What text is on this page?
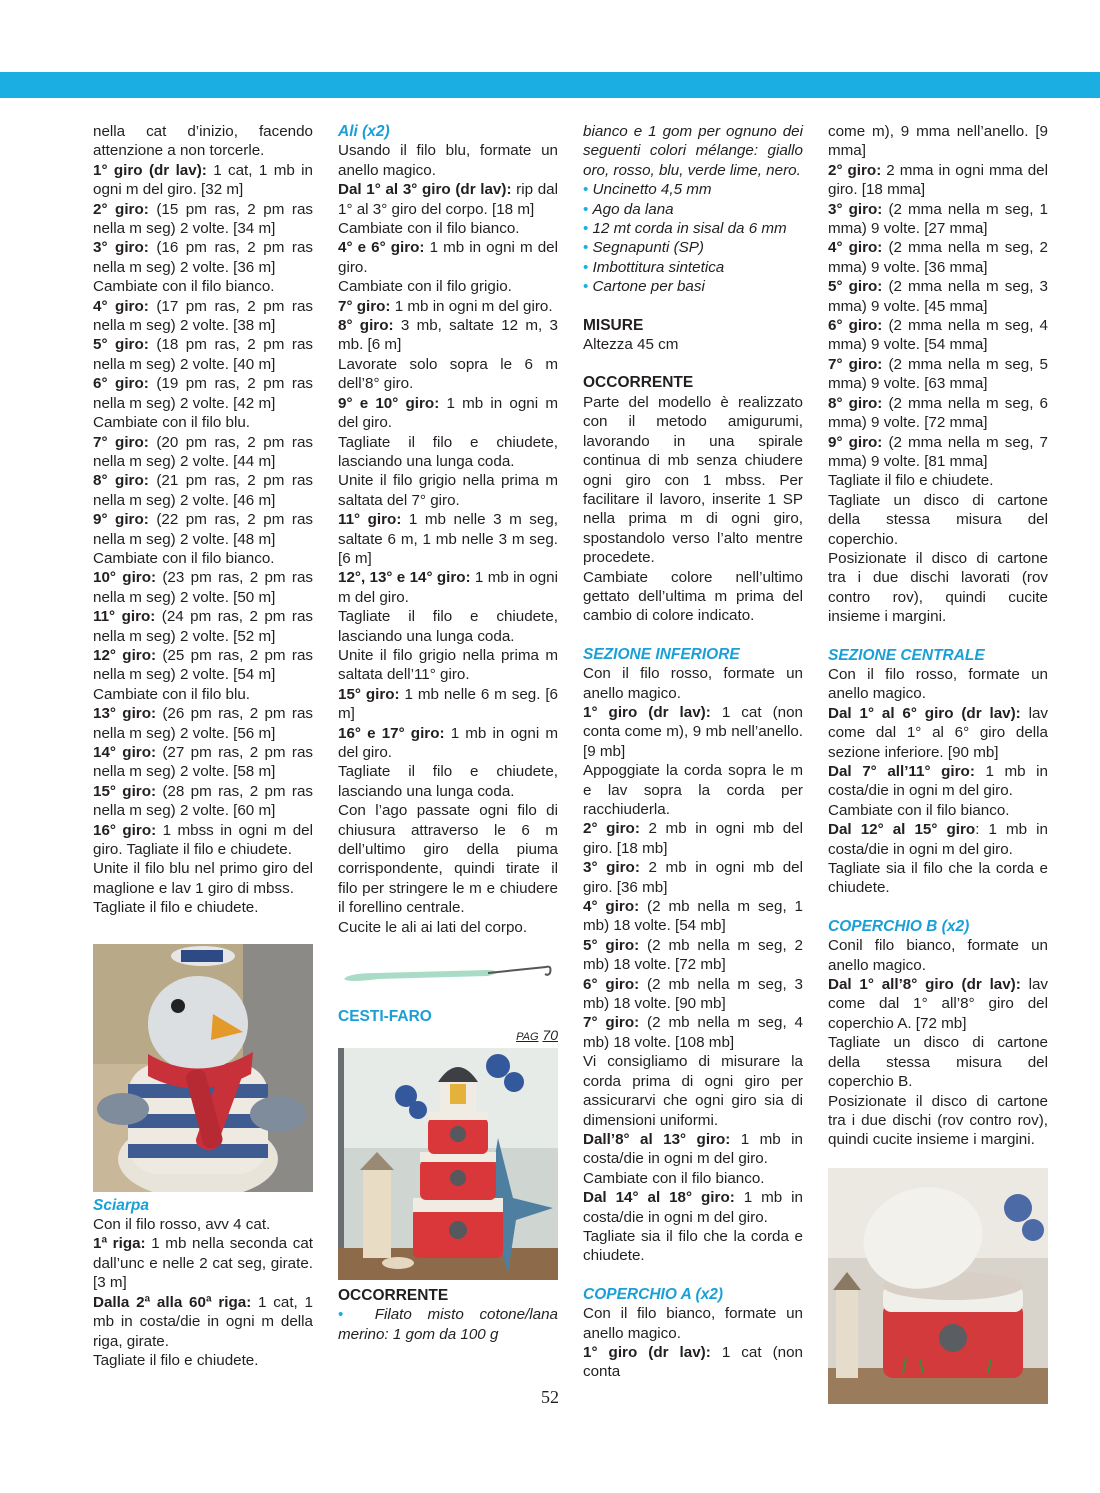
nella cat d’inizio, facendo attenzione a non torcerle.

1° giro (dr lav): 1 cat, 1 mb in ogni m del giro. [32 m]

2° giro: (15 pm ras, 2 pm ras nella m seg) 2 volte. [34 m]

3° giro: (16 pm ras, 2 pm ras nella m seg) 2 volte. [36 m]

Cambiate con il filo bianco.

4° giro: (17 pm ras, 2 pm ras nella m seg) 2 volte. [38 m]

5° giro: (18 pm ras, 2 pm ras nella m seg) 2 volte. [40 m]

6° giro: (19 pm ras, 2 pm ras nella m seg) 2 volte. [42 m]

Cambiate con il filo blu.

7° giro: (20 pm ras, 2 pm ras nella m seg) 2 volte. [44 m]

8° giro: (21 pm ras, 2 pm ras nella m seg) 2 volte. [46 m]

9° giro: (22 pm ras, 2 pm ras nella m seg) 2 volte. [48 m]

Cambiate con il filo bianco.

10° giro: (23 pm ras, 2 pm ras nella m seg) 2 volte. [50 m]

11° giro: (24 pm ras, 2 pm ras nella m seg) 2 volte. [52 m]

12° giro: (25 pm ras, 2 pm ras nella m seg) 2 volte. [54 m]

Cambiate con il filo blu.

13° giro: (26 pm ras, 2 pm ras nella m seg) 2 volte. [56 m]

14° giro: (27 pm ras, 2 pm ras nella m seg) 2 volte. [58 m]

15° giro: (28 pm ras, 2 pm ras nella m seg) 2 volte. [60 m]

16° giro: 1 mbss in ogni m del giro. Tagliate il filo e chiudete.

Unite il filo blu nel primo giro del maglione e lav 1 giro di mbss.

Tagliate il filo e chiudete.

Sciarpa

Con il filo rosso, avv 4 cat.

1ª riga: 1 mb nella seconda cat dall’unc e nelle 2 cat seg, girate. [3 m]

Dalla 2ª alla 60ª riga: 1 cat, 1 mb in costa/die in ogni m della riga, girate.

Tagliate il filo e chiudete.

Ali (x2)

Usando il filo blu, formate un anello magico.

Dal 1° al 3° giro (dr lav): rip dal 1° al 3° giro del corpo. [18 m]

Cambiate con il filo bianco.

4° e 6° giro: 1 mb in ogni m del giro.

Cambiate con il filo grigio.

7° giro: 1 mb in ogni m del giro.

8° giro: 3 mb, saltate 12 m, 3 mb. [6 m]

Lavorate solo sopra le 6 m dell’8° giro.

9° e 10° giro: 1 mb in ogni m del giro.

Tagliate il filo e chiudete, lasciando una lunga coda.

Unite il filo grigio nella prima m saltata del 7° giro.

11° giro: 1 mb nelle 3 m seg, saltate 6 m, 1 mb nelle 3 m seg. [6 m]

12°, 13° e 14° giro: 1 mb in ogni m del giro.

Tagliate il filo e chiudete, lasciando una lunga coda.

Unite il filo grigio nella prima m saltata dell’11° giro.

15° giro: 1 mb nelle 6 m seg. [6 m]

16° e 17° giro: 1 mb in ogni m del giro.

Tagliate il filo e chiudete, lasciando una lunga coda.

Con l’ago passate ogni filo di chiusura attraverso le 6 m dell’ultimo giro della piuma corrispondente, quindi tirate il filo per stringere le m e chiudere il forellino centrale.

Cucite le ali ai lati del corpo.

CESTI-FARO

PAG 70

OCCORRENTE

• Filato misto cotone/lana merino: 1 gom da 100 g

bianco e 1 gom per ognuno dei seguenti colori mélange: giallo oro, rosso, blu, verde lime, nero.

• Uncinetto 4,5 mm

• Ago da lana

• 12 mt corda in sisal da 6 mm

• Segnapunti (SP)

• Imbottitura sintetica

• Cartone per basi

MISURE

Altezza 45 cm

OCCORRENTE

Parte del modello è realizzato con il metodo amigurumi, lavorando in una spirale continua di mb senza chiudere ogni giro con 1 mbss. Per facilitare il lavoro, inserite 1 SP nella prima m di ogni giro, spostandolo verso l’alto mentre procedete.

Cambiate colore nell’ultimo gettato dell’ultima m prima del cambio di colore indicato.

SEZIONE INFERIORE

Con il filo rosso, formate un anello magico.

1° giro (dr lav): 1 cat (non conta come m), 9 mb nell’anello. [9 mb]

Appoggiate la corda sopra le m e lav sopra la corda per racchiuderla.

2° giro: 2 mb in ogni mb del giro. [18 mb]

3° giro: 2 mb in ogni mb del giro. [36 mb]

4° giro: (2 mb nella m seg, 1 mb) 18 volte. [54 mb]

5° giro: (2 mb nella m seg, 2 mb) 18 volte. [72 mb]

6° giro: (2 mb nella m seg, 3 mb) 18 volte. [90 mb]

7° giro: (2 mb nella m seg, 4 mb) 18 volte. [108 mb]

Vi consigliamo di misurare la corda prima di ogni giro per assicurarvi che ogni giro sia di dimensioni uniformi.

Dall’8° al 13° giro: 1 mb in costa/die in ogni m del giro.

Cambiate con il filo bianco.

Dal 14° al 18° giro: 1 mb in costa/die in ogni m del giro.

Tagliate sia il filo che la corda e chiudete.

COPERCHIO A (x2)

Con il filo bianco, formate un anello magico.

1° giro (dr lav): 1 cat (non conta

come m), 9 mma nell’anello. [9 mma]

2° giro: 2 mma in ogni mma del giro. [18 mma]

3° giro: (2 mma nella m seg, 1 mma) 9 volte. [27 mma]

4° giro: (2 mma nella m seg, 2 mma) 9 volte. [36 mma]

5° giro: (2 mma nella m seg, 3 mma) 9 volte. [45 mma]

6° giro: (2 mma nella m seg, 4 mma) 9 volte. [54 mma]

7° giro: (2 mma nella m seg, 5 mma) 9 volte. [63 mma]

8° giro: (2 mma nella m seg, 6 mma) 9 volte. [72 mma]

9° giro: (2 mma nella m seg, 7 mma) 9 volte. [81 mma]

Tagliate il filo e chiudete.

Tagliate un disco di cartone della stessa misura del coperchio.

Posizionate il disco di cartone tra i due dischi lavorati (rov contro rov), quindi cucite insieme i margini.

SEZIONE CENTRALE

Con il filo rosso, formate un anello magico.

Dal 1° al 6° giro (dr lav): lav come dal 1° al 6° giro della sezione inferiore. [90 mb]

Dal 7° all’11° giro: 1 mb in costa/die in ogni m del giro.

Cambiate con il filo bianco.

Dal 12° al 15° giro: 1 mb in costa/die in ogni m del giro.

Tagliate sia il filo che la corda e chiudete.

COPERCHIO B (x2)

Conil filo bianco, formate un anello magico.

Dal 1° all’8° giro (dr lav): lav come dal 1° all’8° giro del coperchio A. [72 mb]

Tagliate un disco di cartone della stessa misura del coperchio B.

Posizionate il disco di cartone tra i due dischi (rov contro rov), quindi cucite insieme i margini.

52
